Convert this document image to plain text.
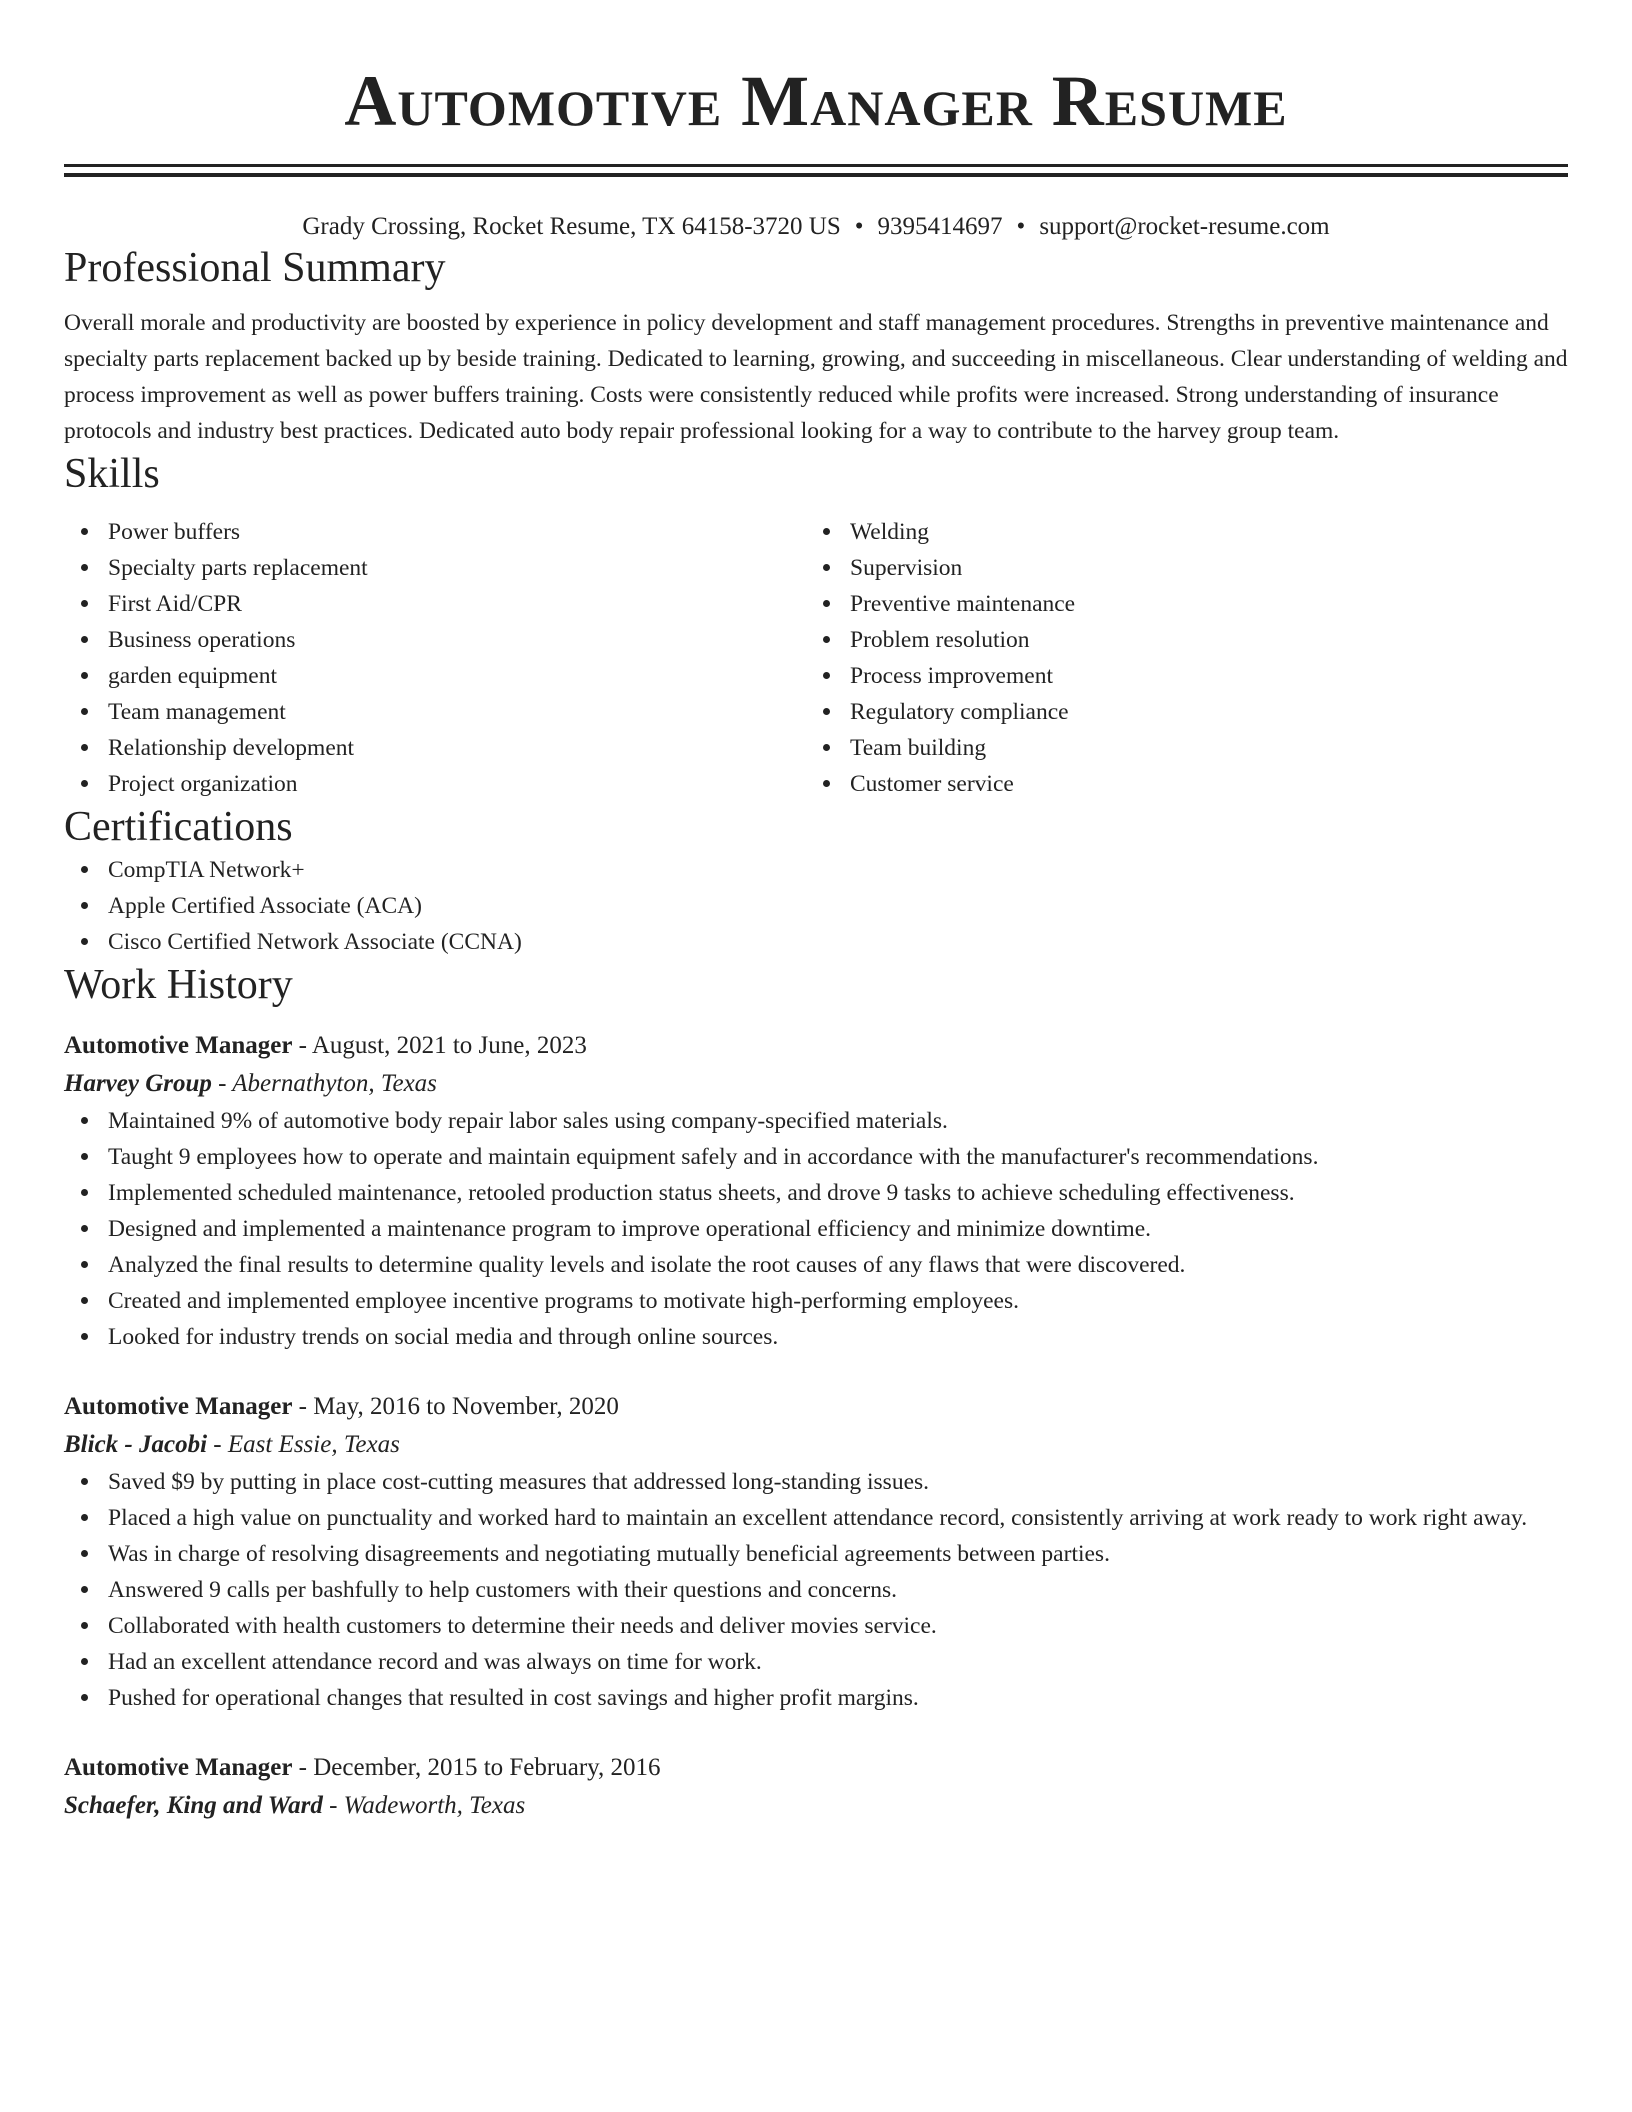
Automotive Manager Resume
Grady Crossing, Rocket Resume, TX 64158-3720 US • 9395414697 • support@rocket-resume.com
Professional Summary
Overall morale and productivity are boosted by experience in policy development and staff management procedures. Strengths in preventive maintenance and specialty parts replacement backed up by beside training. Dedicated to learning, growing, and succeeding in miscellaneous. Clear understanding of welding and process improvement as well as power buffers training. Costs were consistently reduced while profits were increased. Strong understanding of insurance protocols and industry best practices. Dedicated auto body repair professional looking for a way to contribute to the harvey group team.
Skills
Power buffers
Specialty parts replacement
First Aid/CPR
Business operations
garden equipment
Team management
Relationship development
Project organization
Welding
Supervision
Preventive maintenance
Problem resolution
Process improvement
Regulatory compliance
Team building
Customer service
Certifications
CompTIA Network+
Apple Certified Associate (ACA)
Cisco Certified Network Associate (CCNA)
Work History
Automotive Manager - August, 2021 to June, 2023
Harvey Group - Abernathyton, Texas
Maintained 9% of automotive body repair labor sales using company-specified materials.
Taught 9 employees how to operate and maintain equipment safely and in accordance with the manufacturer's recommendations.
Implemented scheduled maintenance, retooled production status sheets, and drove 9 tasks to achieve scheduling effectiveness.
Designed and implemented a maintenance program to improve operational efficiency and minimize downtime.
Analyzed the final results to determine quality levels and isolate the root causes of any flaws that were discovered.
Created and implemented employee incentive programs to motivate high-performing employees.
Looked for industry trends on social media and through online sources.
Automotive Manager - May, 2016 to November, 2020
Blick - Jacobi - East Essie, Texas
Saved $9 by putting in place cost-cutting measures that addressed long-standing issues.
Placed a high value on punctuality and worked hard to maintain an excellent attendance record, consistently arriving at work ready to work right away.
Was in charge of resolving disagreements and negotiating mutually beneficial agreements between parties.
Answered 9 calls per bashfully to help customers with their questions and concerns.
Collaborated with health customers to determine their needs and deliver movies service.
Had an excellent attendance record and was always on time for work.
Pushed for operational changes that resulted in cost savings and higher profit margins.
Automotive Manager - December, 2015 to February, 2016
Schaefer, King and Ward - Wadeworth, Texas
